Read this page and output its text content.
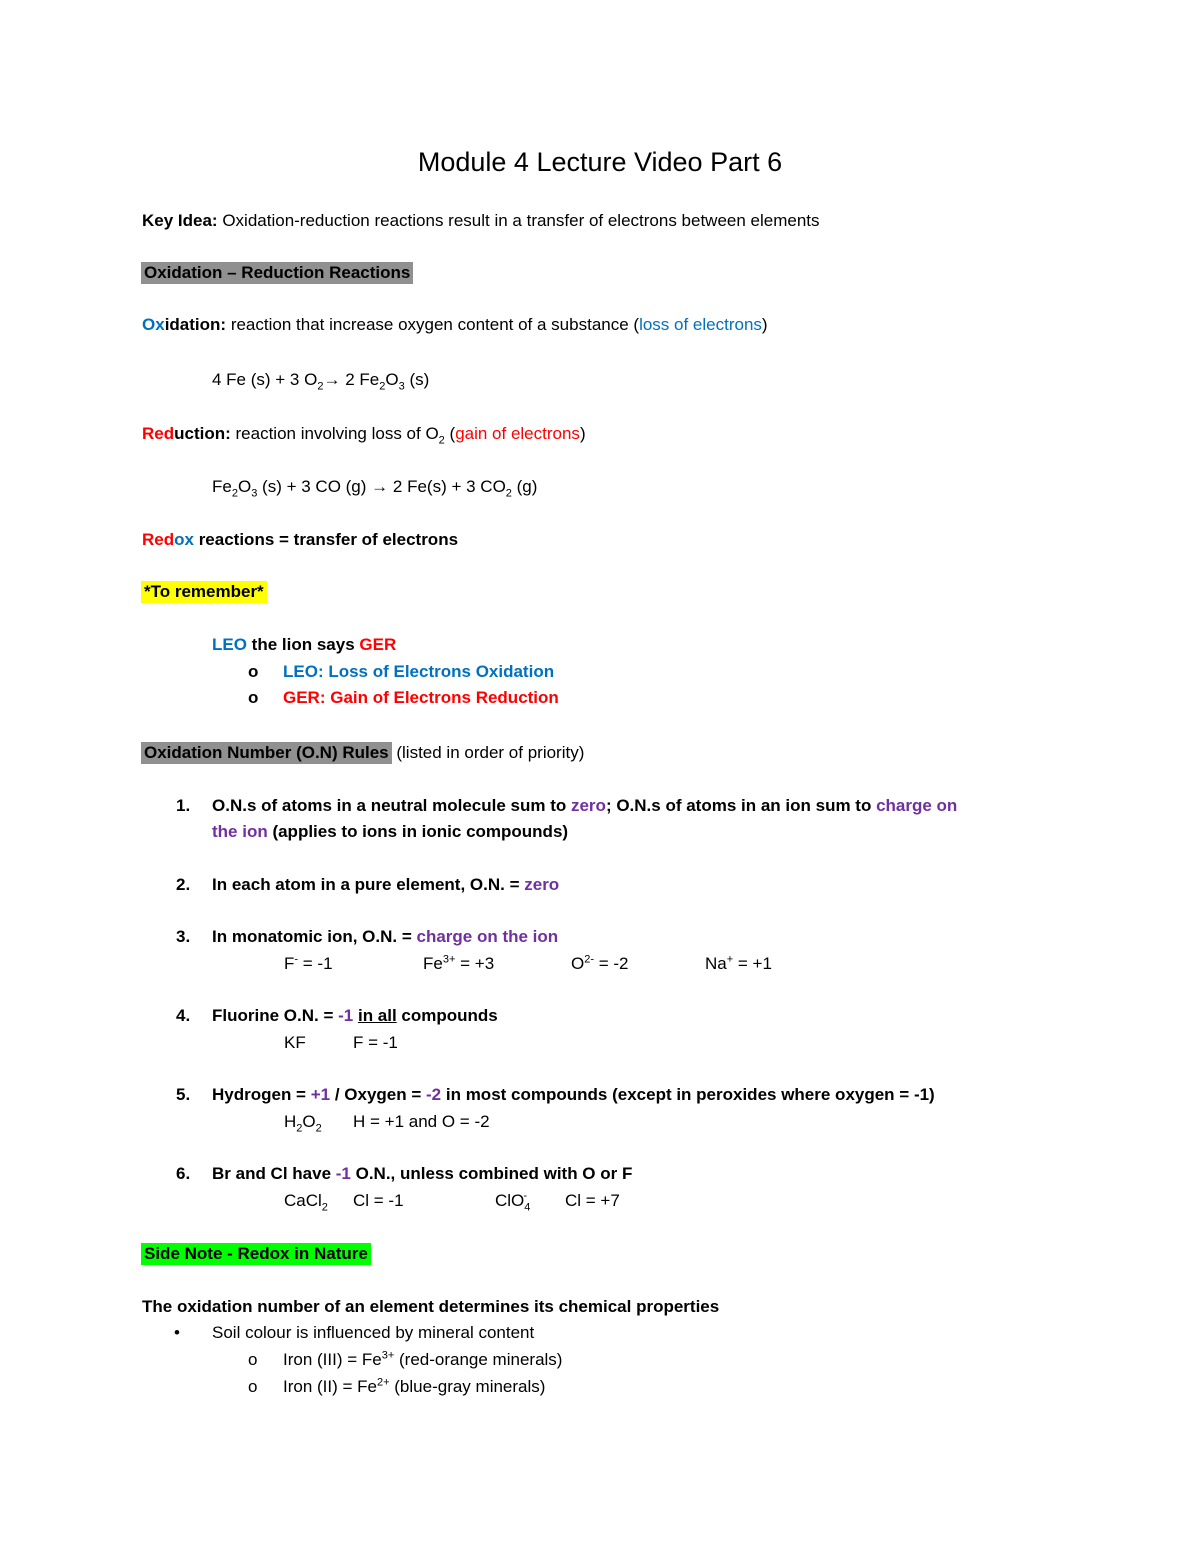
Module 4 Lecture Video Part 6
Key Idea: Oxidation-reduction reactions result in a transfer of electrons between elements
Oxidation – Reduction Reactions
Oxidation: reaction that increase oxygen content of a substance (loss of electrons)
4 Fe (s) + 3 $O_2\to 2$ $Fe_2O_3$ (s)
Reduction: reaction involving loss of $O_2$ (gain of electrons)
$Fe_2O_3$ (s) + 3 CO (g) → 2 Fe(s) + 3 $CO_2$ (g)
Redox reactions = transfer of electrons
*To remember*
LEO the lion says GER
o LEO: Loss of Electrons Oxidation
o GER: Gain of Electrons Reduction
Oxidation Number (O.N) Rules (listed in order of priority)
1. O.N.s of atoms in a neutral molecule sum to zero; O.N.s of atoms in an ion sum to charge on
the ion (applies to ions in ionic compounds)
2. In each atom in a pure element, O.N. = zero
3. In monatomic ion, O.N. = charge on the ion
F- = -1	$Fe^{3+} = +3$	$O^{2-} = -2$	Na+ = +1
4. Fluorine O.N. = -1 in all compounds
KF	F = -1
5. Hydrogen = +1 / Oxygen = -2 in most compounds (except in peroxides where oxygen = -1)
$H_2O_2$ H = +1 and O = -2
6. Br and Cl have -1 O.N., unless combined with O or F
CaCl$_2$ Cl = -1	ClO$_4$- Cl = +7
Side Note - Redox in Nature
The oxidation number of an element determines its chemical properties
• Soil colour is influenced by mineral content
o Iron $(III) = Fe^{3+}$ (red-orange minerals)
o Iron $(II) = Fe^{2+}$ (blue-gray minerals)
